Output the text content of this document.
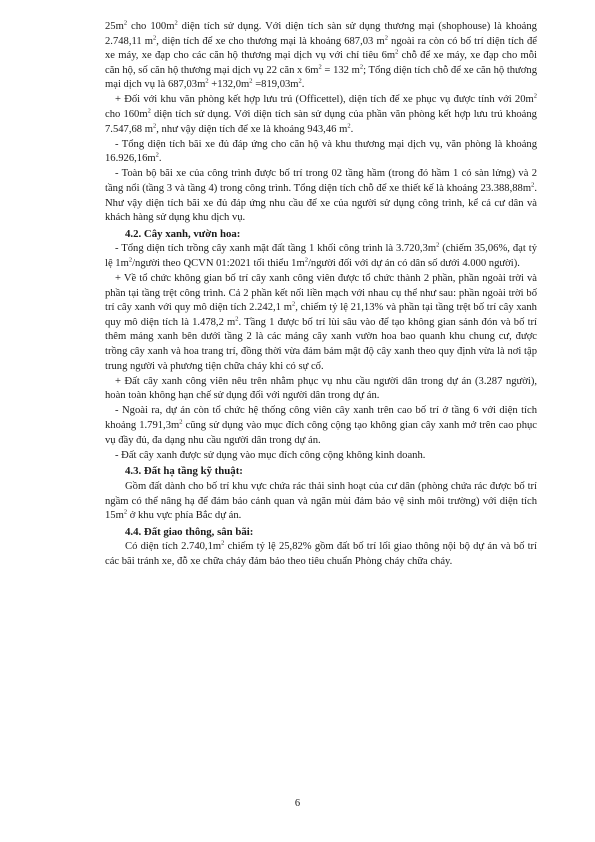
$25m^2$ cho $100m^2$ diện tích sử dụng. Với diện tích sàn sử dụng thương mại (shophouse) là khoảng 2.748,11 $m^2$, diện tích để xe cho thương mại là khoảng 687,03 $m^2$ ngoài ra còn có bố trí diện tích để xe máy, xe đạp cho các căn hộ thương mại dịch vụ với chỉ tiêu $6m^2$ chỗ để xe máy, xe đạp cho mỗi căn hộ, số căn hộ thương mại dịch vụ 22 căn x $6m^2 = 132$ $m^2$; Tổng diện tích chỗ để xe căn hộ thương mại dịch vụ là $687,03m^2 +132,0m^2 =819,03m^2$.

+ Đối với khu văn phòng kết hợp lưu trú (Officettel), diện tích để xe phục vụ được tính với $20m^2$ cho $160m^2$ diện tích sử dụng. Với diện tích sàn sử dụng của phần văn phòng kết hợp lưu trú khoảng 7.547,68 $m^2$, như vậy diện tích để xe là khoảng 943,46 $m^2$.

- Tổng diện tích bãi xe đủ đáp ứng cho căn hộ và khu thương mại dịch vụ, văn phòng là khoảng $16.926,16m^2$.

- Toàn bộ bãi xe của công trình được bố trí trong 02 tầng hầm (trong đó hầm 1 có sàn lửng) và 2 tầng nổi (tầng 3 và tầng 4) trong công trình. Tổng diện tích chỗ để xe thiết kế là khoảng $23.388,88m^2$. Như vậy diện tích bãi xe đủ đáp ứng nhu cầu để xe của người sử dụng công trình, kể cả cư dân và khách hàng sử dụng khu dịch vụ.

4.2. Cây xanh, vườn hoa:

- Tổng diện tích trồng cây xanh mặt đất tầng 1 khối công trình là $3.720,3m^2$ (chiếm 35,06%, đạt tỷ lệ $1m^2$/người theo QCVN 01:2021 tối thiểu $1m^2$/người đối với dự án có dân số dưới 4.000 người).

+ Về tổ chức không gian bố trí cây xanh công viên được tổ chức thành 2 phần, phần ngoài trời và phần tại tầng trệt công trình. Cả 2 phần kết nối liền mạch với nhau cụ thể như sau: phần ngoài trời bố trí cây xanh với quy mô diện tích 2.242,1 $m^2$, chiếm tỷ lệ 21,13% và phần tại tầng trệt bố trí cây xanh quy mô diện tích là 1.478,2 $m^2$. Tầng 1 được bố trí lùi sâu vào để tạo không gian sảnh đón và bố trí thêm mảng xanh bên dưới tầng 2 là các mảng cây xanh vườn hoa bao quanh khu chung cư, được trồng cây xanh và hoa trang trí, đồng thời vừa đảm bảm mật độ cây xanh theo quy định vừa là nơi tập trung người và phương tiện chữa cháy khi có sự cố.

+ Đất cây xanh công viên nêu trên nhằm phục vụ nhu cầu người dân trong dự án (3.287 người), hoàn toàn không hạn chế sử dụng đối với người dân trong dự án.

- Ngoài ra, dự án còn tổ chức hệ thống công viên cây xanh trên cao bố trí ở tầng 6 với diện tích khoảng $1.791,3m^2$ cũng sử dụng vào mục đích công cộng tạo không gian cây xanh mở trên cao phục vụ đầy đủ, đa dạng nhu cầu người dân trong dự án.

- Đất cây xanh được sử dụng vào mục đích công cộng không kinh doanh.

4.3. Đất hạ tầng kỹ thuật:

Gồm đất dành cho bố trí khu vực chứa rác thải sinh hoạt của cư dân (phòng chứa rác được bố trí ngầm có thể nâng hạ để đảm bảo cảnh quan và ngăn mùi đảm bảo vệ sinh môi trường) với diện tích $15m^2$ ở khu vực phía Bắc dự án.

4.4. Đất giao thông, sân bãi:

Có diện tích $2.740,1m^2$ chiếm tỷ lệ 25,82% gồm đất bố trí lối giao thông nội bộ dự án và bố trí các bãi tránh xe, đỗ xe chữa cháy đảm bảo theo tiêu chuẩn Phòng cháy chữa cháy.

6
